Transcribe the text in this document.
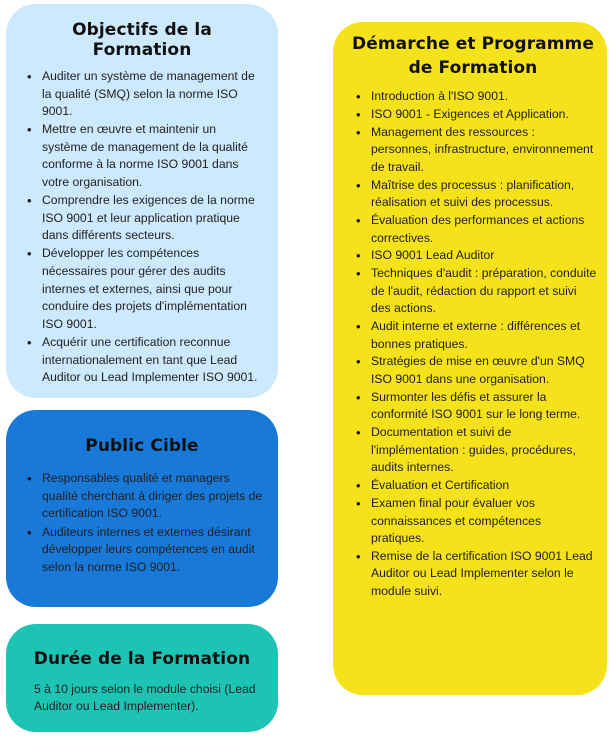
Objectifs de la Formation
• Auditer un système de management de la qualité (SMQ) selon la norme ISO 9001.
• Mettre en œuvre et maintenir un système de management de la qualité conforme à la norme ISO 9001 dans votre organisation.
• Comprendre les exigences de la norme ISO 9001 et leur application pratique dans différents secteurs.
• Développer les compétences nécessaires pour gérer des audits internes et externes, ainsi que pour conduire des projets d'implémentation ISO 9001.
• Acquérir une certification reconnue internationalement en tant que Lead Auditor ou Lead Implementer ISO 9001.
Public Cible
• Responsables qualité et managers qualité cherchant à diriger des projets de certification ISO 9001.
• Auditeurs internes et externes désirant développer leurs compétences en audit selon la norme ISO 9001.
Durée de la Formation

5 à 10 jours selon le module choisi (Lead Auditor ou Lead Implementer).

Démarche et Programme de Formation
• Introduction à l'ISO 9001.
• ISO 9001 - Exigences et Application.
• Management des ressources : personnes, infrastructure, environnement de travail.
• Maîtrise des processus : planification, réalisation et suivi des processus.
• Évaluation des performances et actions correctives.
• ISO 9001 Lead Auditor
• Techniques d'audit : préparation, conduite de l'audit, rédaction du rapport et suivi des actions.
• Audit interne et externe : différences et bonnes pratiques.
• Stratégies de mise en œuvre d'un SMQ ISO 9001 dans une organisation.
• Surmonter les défis et assurer la conformité ISO 9001 sur le long terme.
• Documentation et suivi de l'implémentation : guides, procédures, audits internes.
• Évaluation et Certification
• Examen final pour évaluer vos connaissances et compétences pratiques.
• Remise de la certification ISO 9001 Lead Auditor ou Lead Implementer selon le module suivi.
